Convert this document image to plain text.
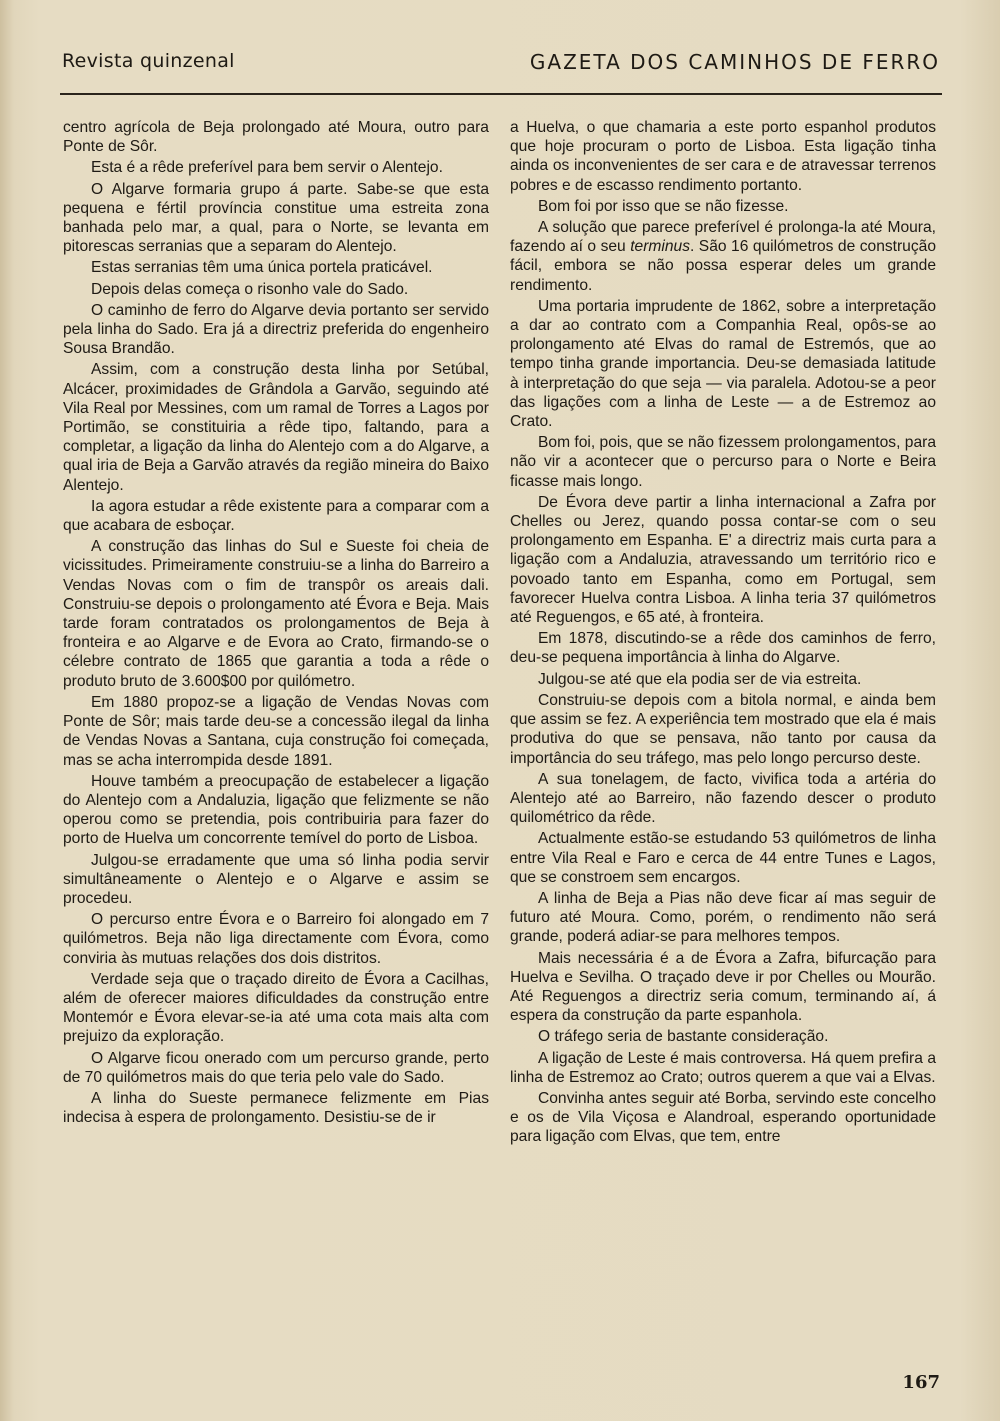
Revista quinzenal	GAZETA DOS CAMINHOS DE FERRO

centro agrícola de Beja prolongado até Moura, outro para Ponte de Sôr.

Esta é a rêde preferível para bem servir o Alentejo.

O Algarve formaria grupo á parte. Sabe-se que esta pequena e fértil província constitue uma estreita zona banhada pelo mar, a qual, para o Norte, se levanta em pitorescas serranias que a separam do Alentejo.

Estas serranias têm uma única portela praticável.

Depois delas começa o risonho vale do Sado.

O caminho de ferro do Algarve devia portanto ser servido pela linha do Sado. Era já a directriz preferida do engenheiro Sousa Brandão.

Assim, com a construção desta linha por Setúbal, Alcácer, proximidades de Grândola a Garvão, seguindo até Vila Real por Messines, com um ramal de Torres a Lagos por Portimão, se constituiria a rêde tipo, faltando, para a completar, a ligação da linha do Alentejo com a do Algarve, a qual iria de Beja a Garvão através da região mineira do Baixo Alentejo.

Ia agora estudar a rêde existente para a comparar com a que acabara de esboçar.

A construção das linhas do Sul e Sueste foi cheia de vicissitudes. Primeiramente construiu-se a linha do Barreiro a Vendas Novas com o fim de transpôr os areais dali. Construiu-se depois o prolongamento até Évora e Beja. Mais tarde foram contratados os prolongamentos de Beja à fronteira e ao Algarve e de Evora ao Crato, firmando-se o célebre contrato de 1865 que garantia a toda a rêde o produto bruto de 3.600$00 por quilómetro.

Em 1880 propoz-se a ligação de Vendas Novas com Ponte de Sôr; mais tarde deu-se a concessão ilegal da linha de Vendas Novas a Santana, cuja construção foi começada, mas se acha interrompida desde 1891.

Houve também a preocupação de estabelecer a ligação do Alentejo com a Andaluzia, ligação que felizmente se não operou como se pretendia, pois contribuiria para fazer do porto de Huelva um concorrente temível do porto de Lisboa.

Julgou-se erradamente que uma só linha podia servir simultâneamente o Alentejo e o Algarve e assim se procedeu.

O percurso entre Évora e o Barreiro foi alongado em 7 quilómetros. Beja não liga directamente com Évora, como conviria às mutuas relações dos dois distritos.

Verdade seja que o traçado direito de Évora a Cacilhas, além de oferecer maiores dificuldades da construção entre Montemór e Évora elevar-se-ia até uma cota mais alta com prejuizo da exploração.

O Algarve ficou onerado com um percurso grande, perto de 70 quilómetros mais do que teria pelo vale do Sado.

A linha do Sueste permanece felizmente em Pias indecisa à espera de prolongamento. Desistiu-se de ir

a Huelva, o que chamaria a este porto espanhol produtos que hoje procuram o porto de Lisboa. Esta ligação tinha ainda os inconvenientes de ser cara e de atravessar terrenos pobres e de escasso rendimento portanto.

Bom foi por isso que se não fizesse.

A solução que parece preferível é prolonga-la até Moura, fazendo aí o seu terminus. São 16 quilómetros de construção fácil, embora se não possa esperar deles um grande rendimento.

Uma portaria imprudente de 1862, sobre a interpretação a dar ao contrato com a Companhia Real, opôs-se ao prolongamento até Elvas do ramal de Estremós, que ao tempo tinha grande importancia. Deu-se demasiada latitude à interpretação do que seja — via paralela. Adotou-se a peor das ligações com a linha de Leste — a de Estremoz ao Crato.

Bom foi, pois, que se não fizessem prolongamentos, para não vir a acontecer que o percurso para o Norte e Beira ficasse mais longo.

De Évora deve partir a linha internacional a Zafra por Chelles ou Jerez, quando possa contar-se com o seu prolongamento em Espanha. E' a directriz mais curta para a ligação com a Andaluzia, atravessando um território rico e povoado tanto em Espanha, como em Portugal, sem favorecer Huelva contra Lisboa. A linha teria 37 quilómetros até Reguengos, e 65 até, à fronteira.

Em 1878, discutindo-se a rêde dos caminhos de ferro, deu-se pequena importância à linha do Algarve.

Julgou-se até que ela podia ser de via estreita.

Construiu-se depois com a bitola normal, e ainda bem que assim se fez. A experiência tem mostrado que ela é mais produtiva do que se pensava, não tanto por causa da importância do seu tráfego, mas pelo longo percurso deste.

A sua tonelagem, de facto, vivifica toda a artéria do Alentejo até ao Barreiro, não fazendo descer o produto quilométrico da rêde.

Actualmente estão-se estudando 53 quilómetros de linha entre Vila Real e Faro e cerca de 44 entre Tunes e Lagos, que se constroem sem encargos.

A linha de Beja a Pias não deve ficar aí mas seguir de futuro até Moura. Como, porém, o rendimento não será grande, poderá adiar-se para melhores tempos.

Mais necessária é a de Évora a Zafra, bifurcação para Huelva e Sevilha. O traçado deve ir por Chelles ou Mourão. Até Reguengos a directriz seria comum, terminando aí, á espera da construção da parte espanhola.

O tráfego seria de bastante consideração.

A ligação de Leste é mais controversa. Há quem prefira a linha de Estremoz ao Crato; outros querem a que vai a Elvas.

Convinha antes seguir até Borba, servindo este concelho e os de Vila Viçosa e Alandroal, esperando oportunidade para ligação com Elvas, que tem, entre

167
